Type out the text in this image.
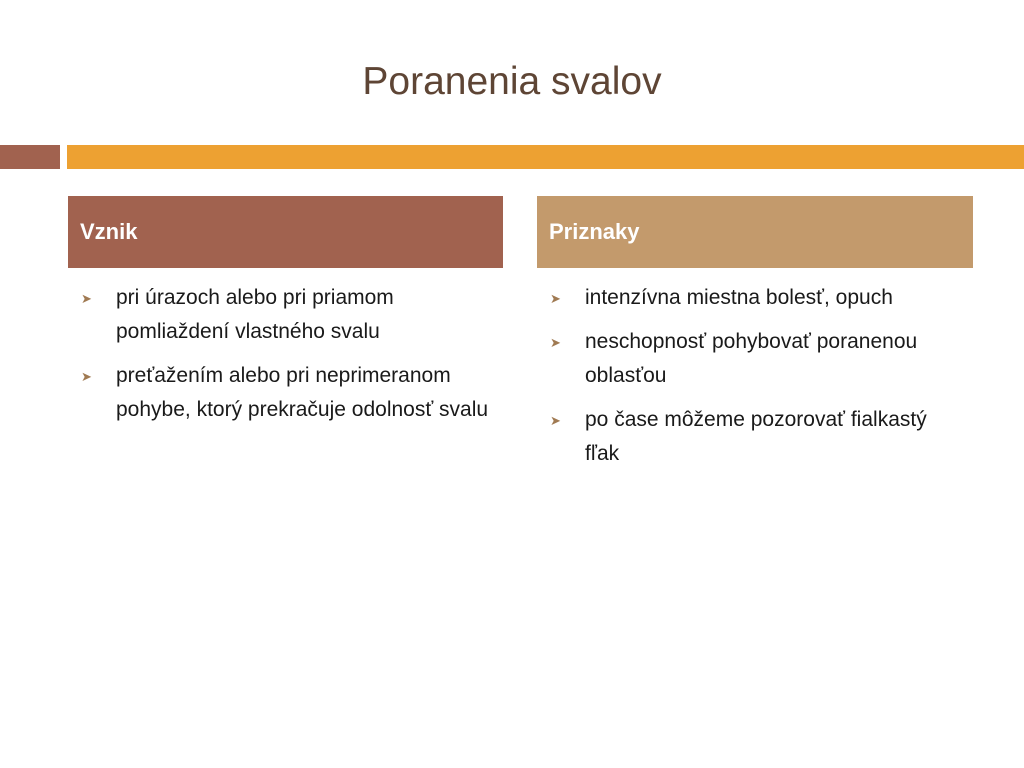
Poranenia svalov
Vznik	Priznaky
➤ pri úrazoch alebo pri priamom pomliaždení vlastného svalu
➤ preťažením alebo pri neprimeranom pohybe, ktorý prekračuje odolnosť svalu
➤ intenzívna miestna bolesť, opuch
➤ neschopnosť pohybovať poranenou oblasťou
➤ po čase môžeme pozorovať fialkastý fľak
